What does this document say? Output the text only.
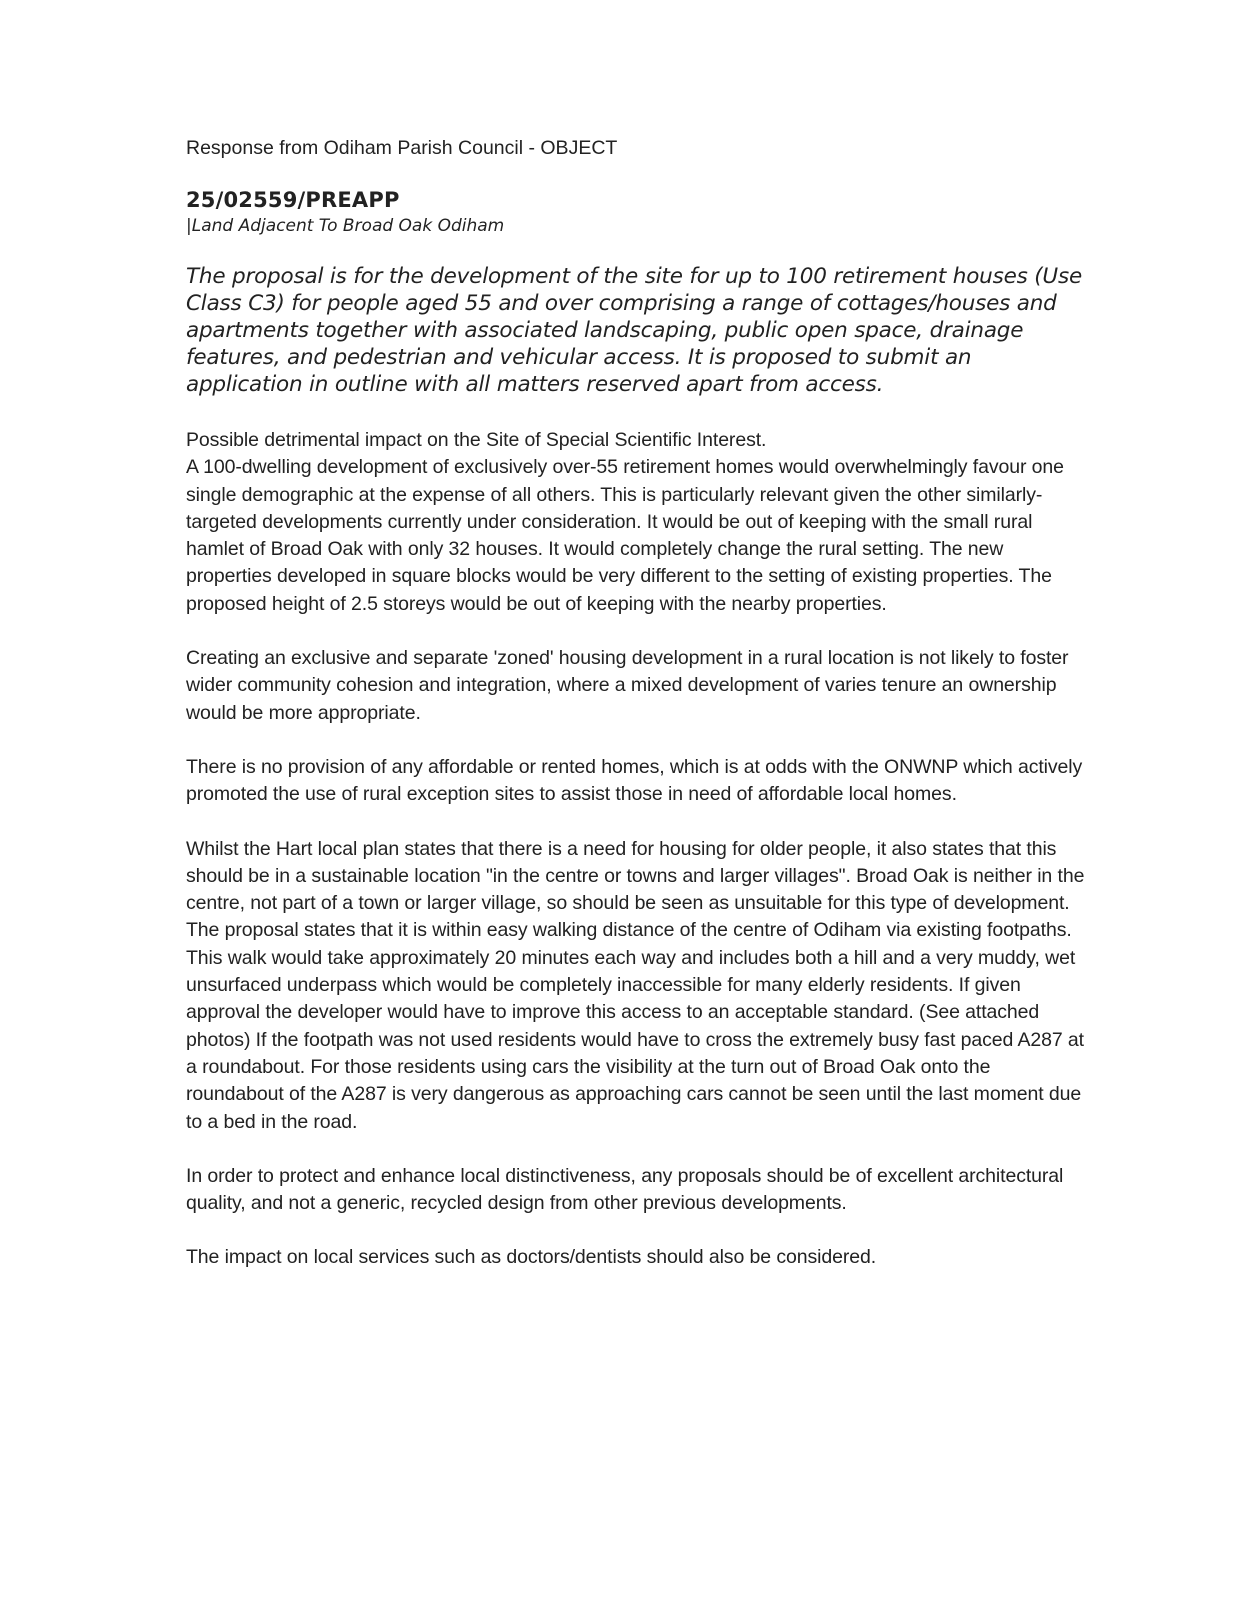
Response from Odiham Parish Council - OBJECT

25/02559/PREAPP

|Land Adjacent To Broad Oak Odiham

The proposal is for the development of the site for up to 100 retirement houses (Use Class C3) for people aged 55 and over comprising a range of cottages/houses and apartments together with associated landscaping, public open space, drainage features, and pedestrian and vehicular access. It is proposed to submit an application in outline with all matters reserved apart from access.

Possible detrimental impact on the Site of Special Scientific Interest.

A 100-dwelling development of exclusively over-55 retirement homes would overwhelmingly favour one single demographic at the expense of all others. This is particularly relevant given the other similarly-targeted developments currently under consideration. It would be out of keeping with the small rural hamlet of Broad Oak with only 32 houses. It would completely change the rural setting. The new properties developed in square blocks would be very different to the setting of existing properties. The proposed height of 2.5 storeys would be out of keeping with the nearby properties.

Creating an exclusive and separate 'zoned' housing development in a rural location is not likely to foster wider community cohesion and integration, where a mixed development of varies tenure an ownership would be more appropriate.

There is no provision of any affordable or rented homes, which is at odds with the ONWNP which actively promoted the use of rural exception sites to assist those in need of affordable local homes.

Whilst the Hart local plan states that there is a need for housing for older people, it also states that this should be in a sustainable location "in the centre or towns and larger villages". Broad Oak is neither in the centre, not part of a town or larger village, so should be seen as unsuitable for this type of development. The proposal states that it is within easy walking distance of the centre of Odiham via existing footpaths. This walk would take approximately 20 minutes each way and includes both a hill and a very muddy, wet unsurfaced underpass which would be completely inaccessible for many elderly residents. If given approval the developer would have to improve this access to an acceptable standard. (See attached photos) If the footpath was not used residents would have to cross the extremely busy fast paced A287 at a roundabout. For those residents using cars the visibility at the turn out of Broad Oak onto the roundabout of the A287 is very dangerous as approaching cars cannot be seen until the last moment due to a bed in the road.

In order to protect and enhance local distinctiveness, any proposals should be of excellent architectural quality, and not a generic, recycled design from other previous developments.

The impact on local services such as doctors/dentists should also be considered.
